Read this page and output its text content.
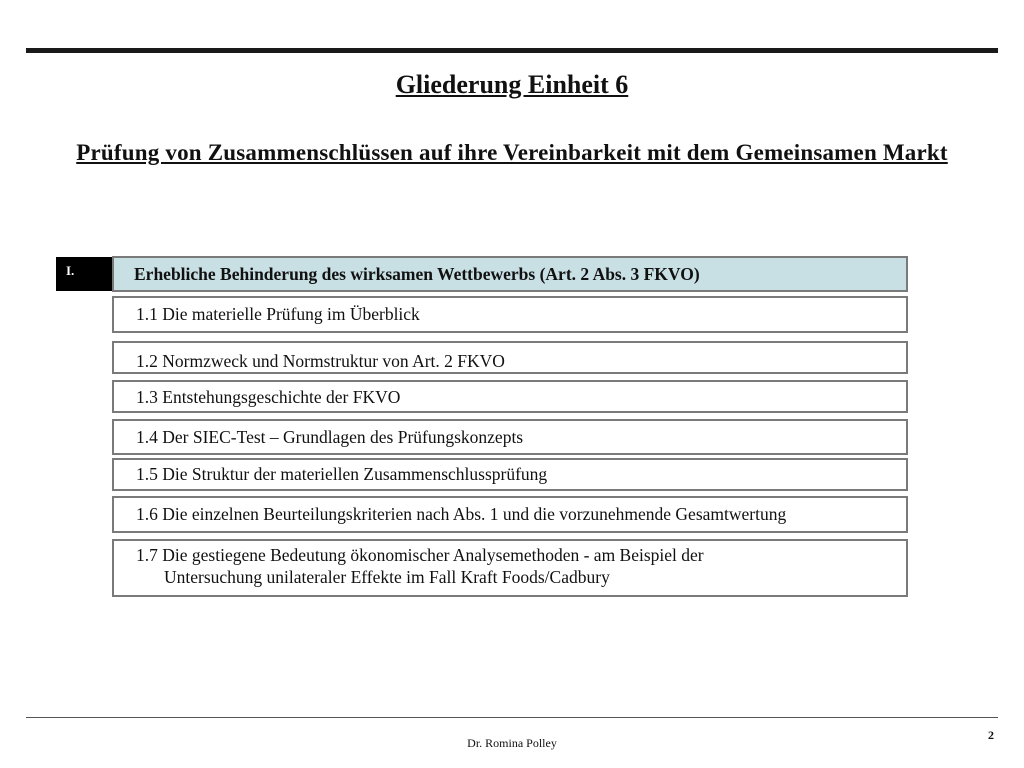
Gliederung Einheit 6
Prüfung von Zusammenschlüssen auf ihre Vereinbarkeit mit dem Gemeinsamen Markt
I.	Erhebliche Behinderung des wirksamen Wettbewerbs (Art. 2 Abs. 3 FKVO)
1.1 Die materielle Prüfung im Überblick
1.2 Normzweck und Normstruktur von Art. 2 FKVO
1.3 Entstehungsgeschichte der FKVO
1.4 Der SIEC-Test – Grundlagen des Prüfungskonzepts
1.5 Die Struktur der materiellen Zusammenschlussprüfung
1.6 Die einzelnen Beurteilungskriterien nach Abs. 1 und die vorzunehmende Gesamtwertung
1.7 Die gestiegene Bedeutung ökonomischer Analysemethoden - am Beispiel der
Untersuchung unilateraler Effekte im Fall Kraft Foods/Cadbury
Dr. Romina Polley
2
